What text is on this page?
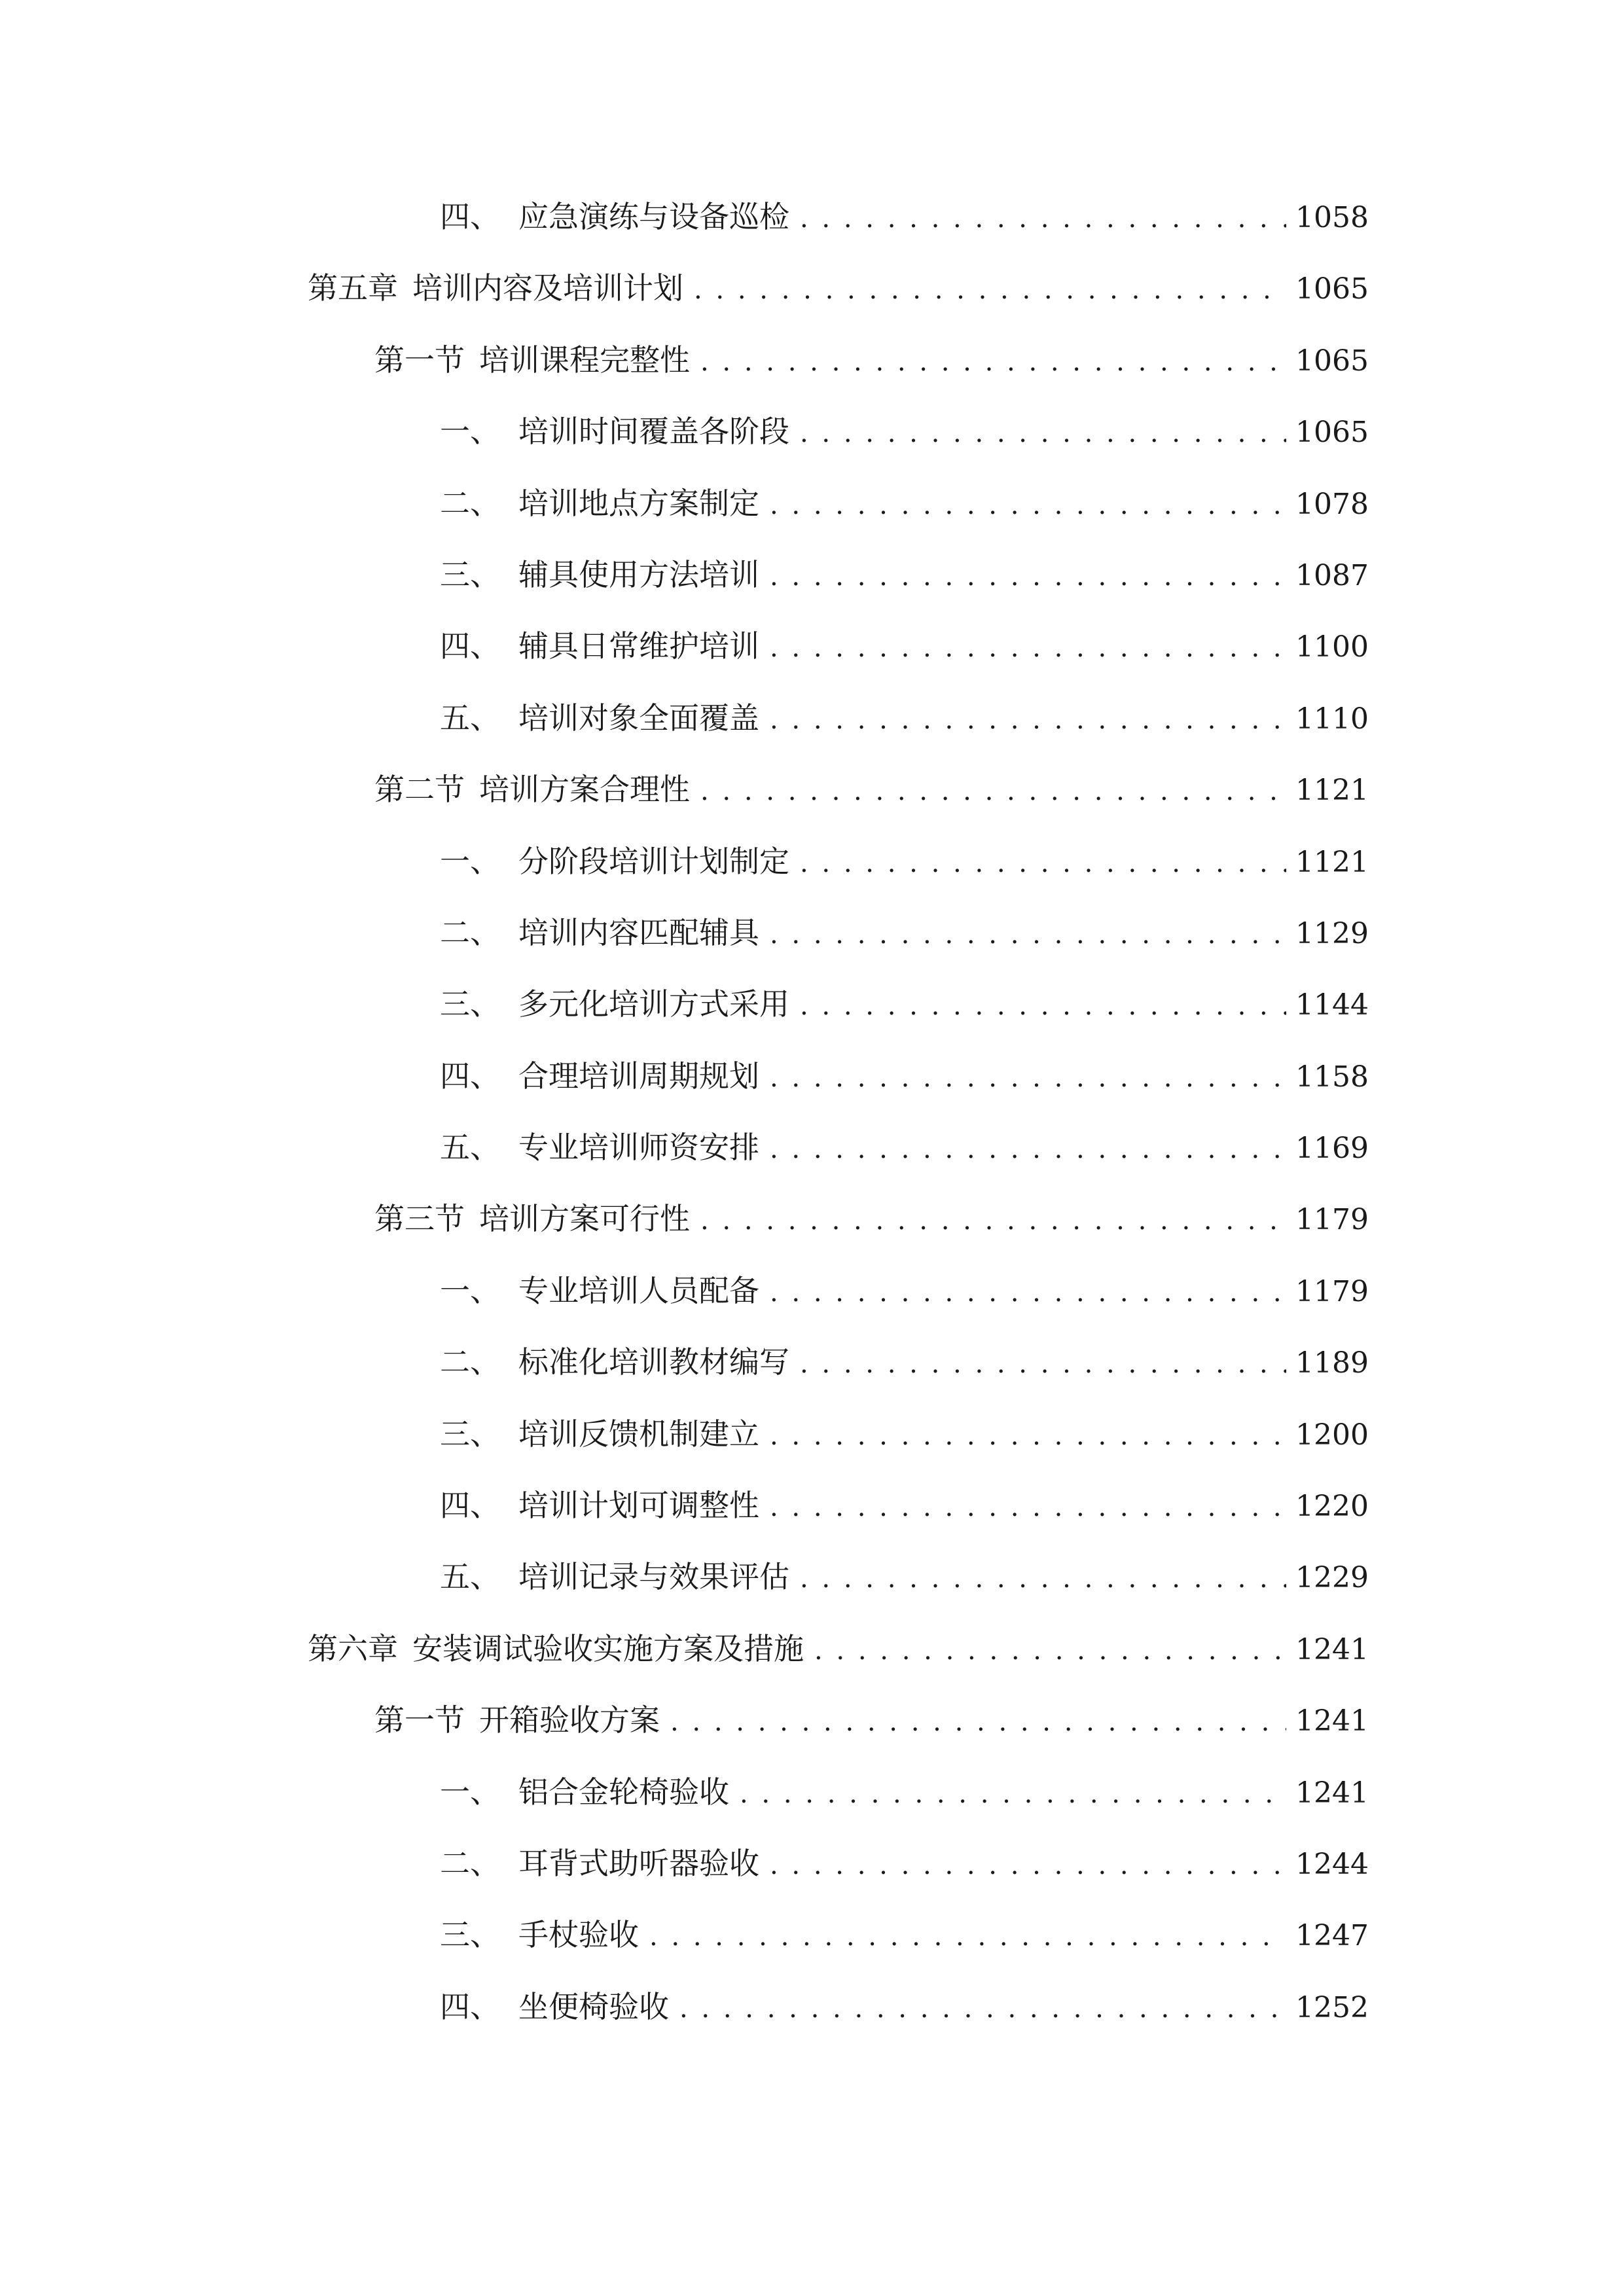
四、 应急演练与设备巡检 . . .	1058
第五章 培训内容及培训计划 . . .	1065
第一节 培训课程完整性 . . .	1065
一、 培训时间覆盖各阶段 . . .	1065
二、 培训地点方案制定 . . .	1078
三、 辅具使用方法培训 . . .	1087
四、 辅具日常维护培训 . . .	1100
五、 培训对象全面覆盖 . . .	1110
第二节 培训方案合理性 . . .	1121
一、 分阶段培训计划制定 . . .	1121
二、 培训内容匹配辅具 . . .	1129
三、 多元化培训方式采用 . . .	1144
四、 合理培训周期规划 . . .	1158
五、 专业培训师资安排 . . .	1169
第三节 培训方案可行性 . . .	1179
一、 专业培训人员配备 . . .	1179
二、 标准化培训教材编写 . . .	1189
三、 培训反馈机制建立 . . .	1200
四、 培训计划可调整性 . . .	1220
五、 培训记录与效果评估 . . .	1229
第六章 安装调试验收实施方案及措施 . . .	1241
第一节 开箱验收方案 . . .	1241
一、 铝合金轮椅验收 . . .	1241
二、 耳背式助听器验收 . . .	1244
三、 手杖验收 . . .	1247
四、 坐便椅验收 . . .	1252
